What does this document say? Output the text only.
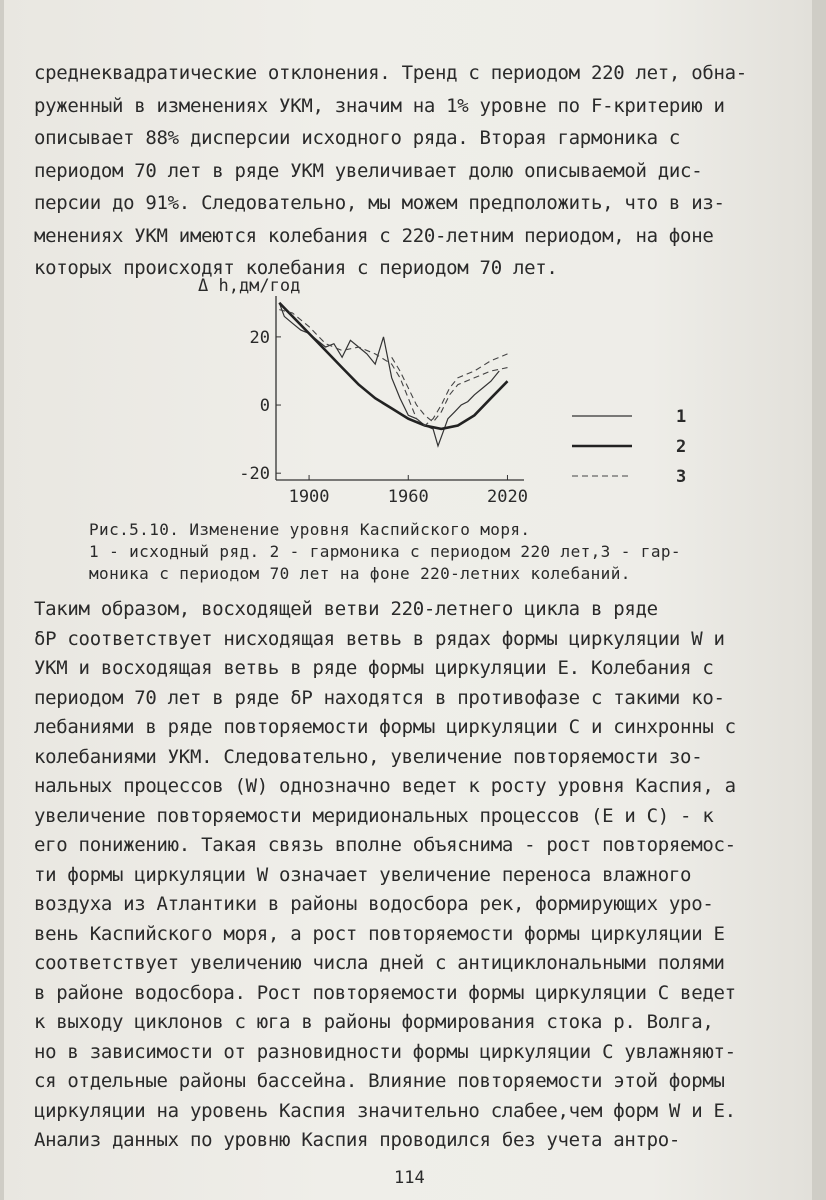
среднеквадратические отклонения. Тренд с периодом 220 лет, обна-
руженный в изменениях УКМ, значим на 1% уровне по F-критерию и
описывает 88% дисперсии исходного ряда. Вторая гармоника с
периодом 70 лет в ряде УКМ увеличивает долю описываемой дис-
персии до 91%. Следовательно, мы можем предположить, что в из-
менениях УКМ имеются колебания с 220-летним периодом, на фоне
которых происходят колебания с периодом 70 лет.
20
0
-20
1900	1960	2020
Δ h,дм/год
1
2
3
Рис.5.10. Изменение уровня Каспийского моря.
1 - исходный ряд. 2 - гармоника с периодом 220 лет,3 - гар-
моника с периодом 70 лет на фоне 220-летних колебаний.
Таким образом, восходящей ветви 220-летнего цикла в ряде
δP соответствует нисходящая ветвь в рядах формы циркуляции W и
УКМ и восходящая ветвь в ряде формы циркуляции E. Колебания с
периодом 70 лет в ряде δP находятся в противофазе с такими ко-
лебаниями в ряде повторяемости формы циркуляции C и синхронны с
колебаниями УКМ. Следовательно, увеличение повторяемости зо-
нальных процессов (W) однозначно ведет к росту уровня Каспия, а
увеличение повторяемости меридиональных процессов (E и C) - к
его понижению. Такая связь вполне объяснима - рост повторяемос-
ти формы циркуляции W означает увеличение переноса влажного
воздуха из Атлантики в районы водосбора рек, формирующих уро-
вень Каспийского моря, а рост повторяемости формы циркуляции E
соответствует увеличению числа дней с антициклональными полями
в районе водосбора. Рост повторяемости формы циркуляции C ведет
к выходу циклонов с юга в районы формирования стока р. Волга,
но в зависимости от разновидности формы циркуляции C увлажняют-
ся отдельные районы бассейна. Влияние повторяемости этой формы
циркуляции на уровень Каспия значительно слабее,чем форм W и E.
Анализ данных по уровню Каспия проводился без учета антро-
114
